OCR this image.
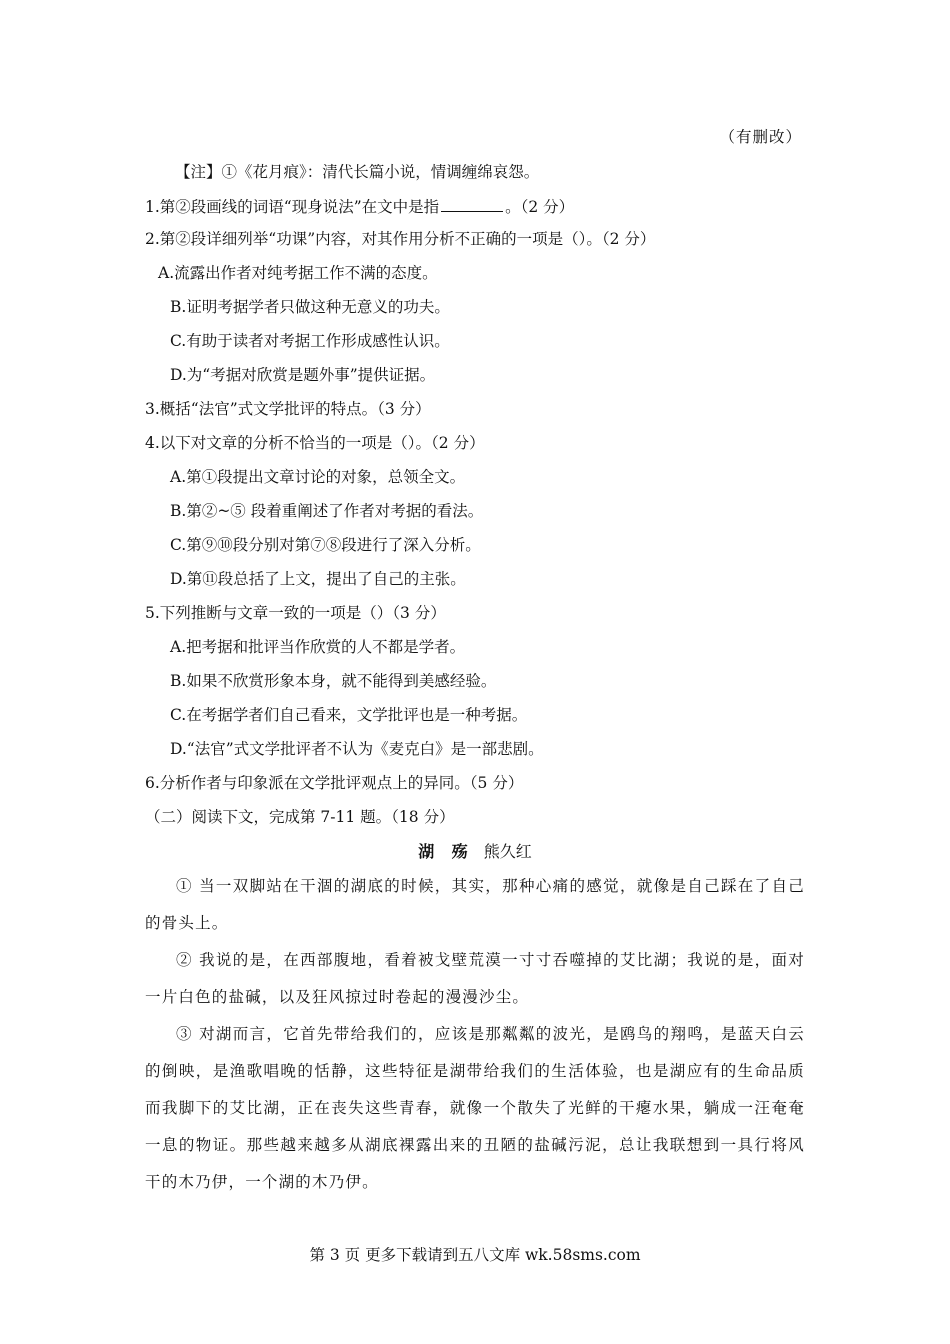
（有删改）
【注】①《花月痕》：清代长篇小说，情调缠绵哀怨。
1.第②段画线的词语“现身说法”在文中是指	。（2 分）
2.第②段详细列举“功课”内容，对其作用分析不正确的一项是（）。（2 分）
A.流露出作者对纯考据工作不满的态度。
B.证明考据学者只做这种无意义的功夫。
C.有助于读者对考据工作形成感性认识。
D.为“考据对欣赏是题外事”提供证据。
3.概括“法官”式文学批评的特点。（3 分）
4.以下对文章的分析不恰当的一项是（）。（2 分）
A.第①段提出文章讨论的对象，总领全文。
B.第②~⑤ 段着重阐述了作者对考据的看法。
C.第⑨⑩段分别对第⑦⑧段进行了深入分析。
D.第⑪段总括了上文，提出了自己的主张。
5.下列推断与文章一致的一项是（）（3 分）
A.把考据和批评当作欣赏的人不都是学者。
B.如果不欣赏形象本身，就不能得到美感经验。
C.在考据学者们自己看来，文学批评也是一种考据。
D.“法官”式文学批评者不认为《麦克白》是一部悲剧。
6.分析作者与印象派在文学批评观点上的异同。（5 分）
（二）阅读下文，完成第 7-11 题。（18 分）
湖 殇 熊久红
① 当一双脚站在干涸的湖底的时候，其实，那种心痛的感觉，就像是自己踩在了自己的骨头上。
② 我说的是，在西部腹地，看着被戈壁荒漠一寸寸吞噬掉的艾比湖；我说的是，面对一片白色的盐碱，以及狂风掠过时卷起的漫漫沙尘。
③ 对湖而言，它首先带给我们的，应该是那粼粼的波光，是鸥鸟的翔鸣，是蓝天白云的倒映，是渔歌唱晚的恬静，这些特征是湖带给我们的生活体验，也是湖应有的生命品质而我脚下的艾比湖，正在丧失这些青春，就像一个散失了光鲜的干瘪水果，躺成一汪奄奄一息的物证。那些越来越多从湖底裸露出来的丑陋的盐碱污泥，总让我联想到一具行将风干的木乃伊，一个湖的木乃伊。
第 3 页 更多下载请到五八文库 wk.58sms.com
